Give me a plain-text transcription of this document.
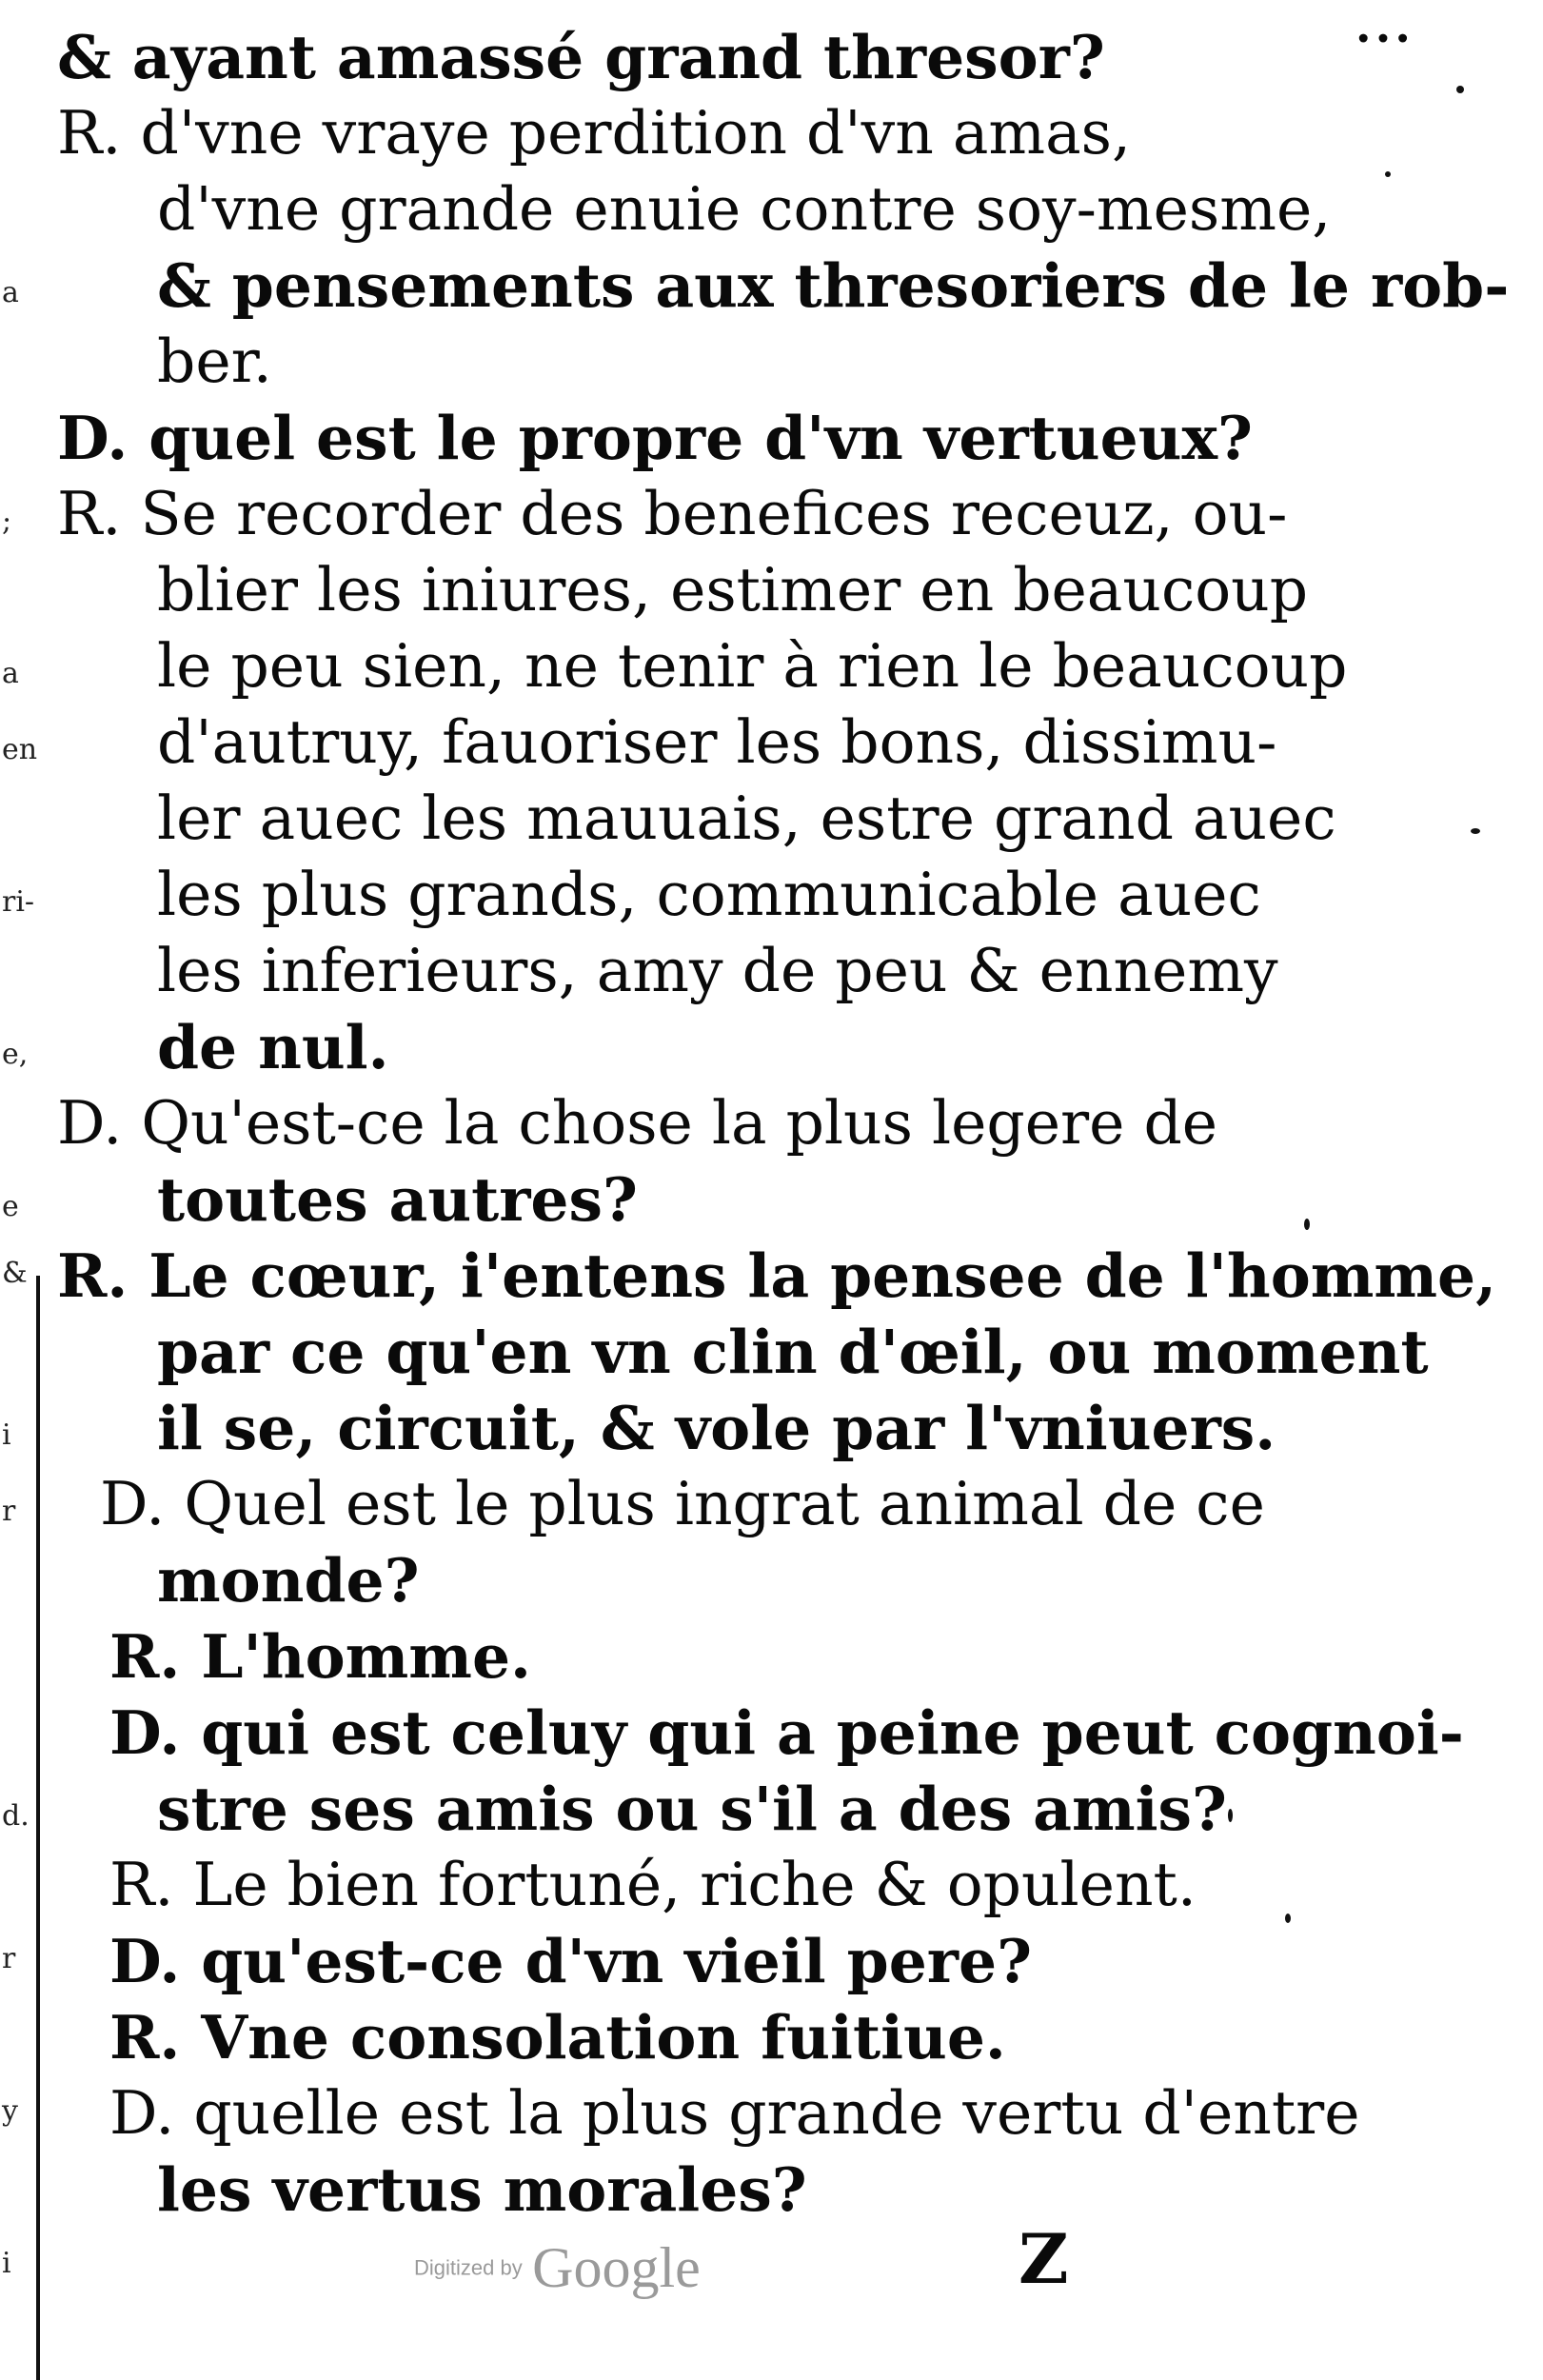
...
a
;
a
en
ri-
e,
e
&
i
r
d.
r
y
i
& ayant amassé grand thresor?
R. d'vne vraye perdition d'vn amas,
d'vne grande enuie contre soy-mesme,
& pensements aux thresoriers de le rob-
ber.
D. quel est le propre d'vn vertueux?
R. Se recorder des benefices receuz, ou-
blier les iniures, estimer en beaucoup
le peu sien, ne tenir à rien le beaucoup
d'autruy, fauoriser les bons, dissimu-
ler auec les mauuais, estre grand auec
les plus grands, communicable auec
les inferieurs, amy de peu & ennemy
de nul.
D. Qu'est-ce la chose la plus legere de
toutes autres?
R. Le cœur, i'entens la pensee de l'homme,
par ce qu'en vn clin d'œil, ou moment
il se, circuit, & vole par l'vniuers.
D. Quel est le plus ingrat animal de ce
monde?
R. L'homme.
D. qui est celuy qui a peine peut cognoi-
stre ses amis ou s'il a des amis?
R. Le bien fortuné, riche & opulent.
D. qu'est-ce d'vn vieil pere?
R. Vne consolation fuitiue.
D. quelle est la plus grande vertu d'entre
les vertus morales?
Z
Digitized by Google
